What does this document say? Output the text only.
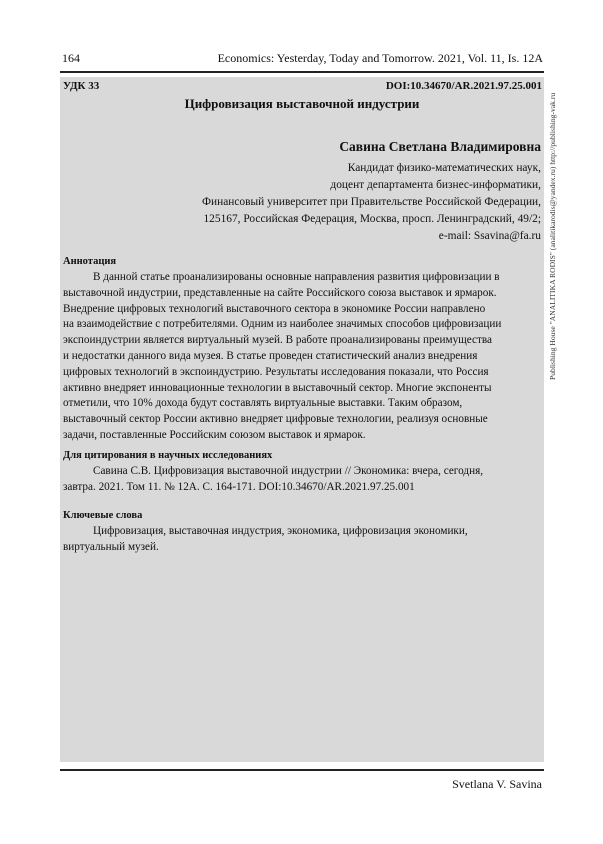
164	Economics: Yesterday, Today and Tomorrow. 2021, Vol. 11, Is. 12A
УДК 33	DOI:10.34670/AR.2021.97.25.001
Цифровизация выставочной индустрии
Савина Светлана Владимировна
Кандидат физико-математических наук,
доцент департамента бизнес-информатики,
Финансовый университет при Правительстве Российской Федерации,
125167, Российская Федерация, Москва, просп. Ленинградский, 49/2;
e-mail: Ssavina@fa.ru
Аннотация
В данной статье проанализированы основные направления развития цифровизации в
выставочной индустрии, представленные на сайте Российского союза выставок и ярмарок.
Внедрение цифровых технологий выставочного сектора в экономике России направлено
на взаимодействие с потребителями. Одним из наиболее значимых способов цифровизации
экспоиндустрии является виртуальный музей. В работе проанализированы преимущества
и недостатки данного вида музея. В статье проведен статистический анализ внедрения
цифровых технологий в экспоиндустрию. Результаты исследования показали, что Россия
активно внедряет инновационные технологии в выставочный сектор. Многие экспоненты
отметили, что 10% дохода будут составлять виртуальные выставки. Таким образом,
выставочный сектор России активно внедряет цифровые технологии, реализуя основные
задачи, поставленные Российским союзом выставок и ярмарок.
Для цитирования в научных исследованиях
Савина С.В. Цифровизация выставочной индустрии // Экономика: вчера, сегодня,
завтра. 2021. Том 11. № 12А. С. 164-171. DOI:10.34670/AR.2021.97.25.001
Ключевые слова
Цифровизация, выставочная индустрия, экономика, цифровизация экономики,
виртуальный музей.
Svetlana V. Savina
Publishing House "ANALITIKA RODIS" (analitikarodis@yandex.ru) http://publishing-vak.ru
